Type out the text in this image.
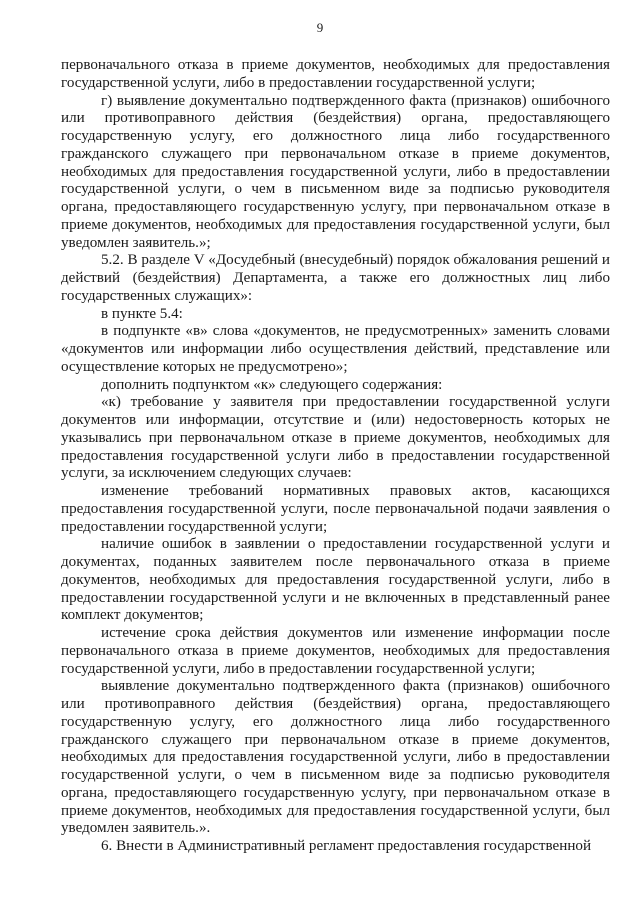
9

первоначального отказа в приеме документов, необходимых для предоставления государственной услуги, либо в предоставлении государственной услуги;

г) выявление документально подтвержденного факта (признаков) ошибочного или противоправного действия (бездействия) органа, предоставляющего государственную услугу, его должностного лица либо государственного гражданского служащего при первоначальном отказе в приеме документов, необходимых для предоставления государственной услуги, либо в предоставлении государственной услуги, о чем в письменном виде за подписью руководителя органа, предоставляющего государственную услугу, при первоначальном отказе в приеме документов, необходимых для предоставления государственной услуги, был уведомлен заявитель.»;

5.2. В разделе V «Досудебный (внесудебный) порядок обжалования решений и действий (бездействия) Департамента, а также его должностных лиц либо государственных служащих»:

в пункте 5.4:

в подпункте «в» слова «документов, не предусмотренных» заменить словами «документов или информации либо осуществления действий, представление или осуществление которых не предусмотрено»;

дополнить подпунктом «к» следующего содержания:

«к) требование у заявителя при предоставлении государственной услуги документов или информации, отсутствие и (или) недостоверность которых не указывались при первоначальном отказе в приеме документов, необходимых для предоставления государственной услуги либо в предоставлении государственной услуги, за исключением следующих случаев:

изменение требований нормативных правовых актов, касающихся предоставления государственной услуги, после первоначальной подачи заявления о предоставлении государственной услуги;

наличие ошибок в заявлении о предоставлении государственной услуги и документах, поданных заявителем после первоначального отказа в приеме документов, необходимых для предоставления государственной услуги, либо в предоставлении государственной услуги и не включенных в представленный ранее комплект документов;

истечение срока действия документов или изменение информации после первоначального отказа в приеме документов, необходимых для предоставления государственной услуги, либо в предоставлении государственной услуги;

выявление документально подтвержденного факта (признаков) ошибочного или противоправного действия (бездействия) органа, предоставляющего государственную услугу, его должностного лица либо государственного гражданского служащего при первоначальном отказе в приеме документов, необходимых для предоставления государственной услуги, либо в предоставлении государственной услуги, о чем в письменном виде за подписью руководителя органа, предоставляющего государственную услугу, при первоначальном отказе в приеме документов, необходимых для предоставления государственной услуги, был уведомлен заявитель.».

6. Внести в Административный регламент предоставления государственной
